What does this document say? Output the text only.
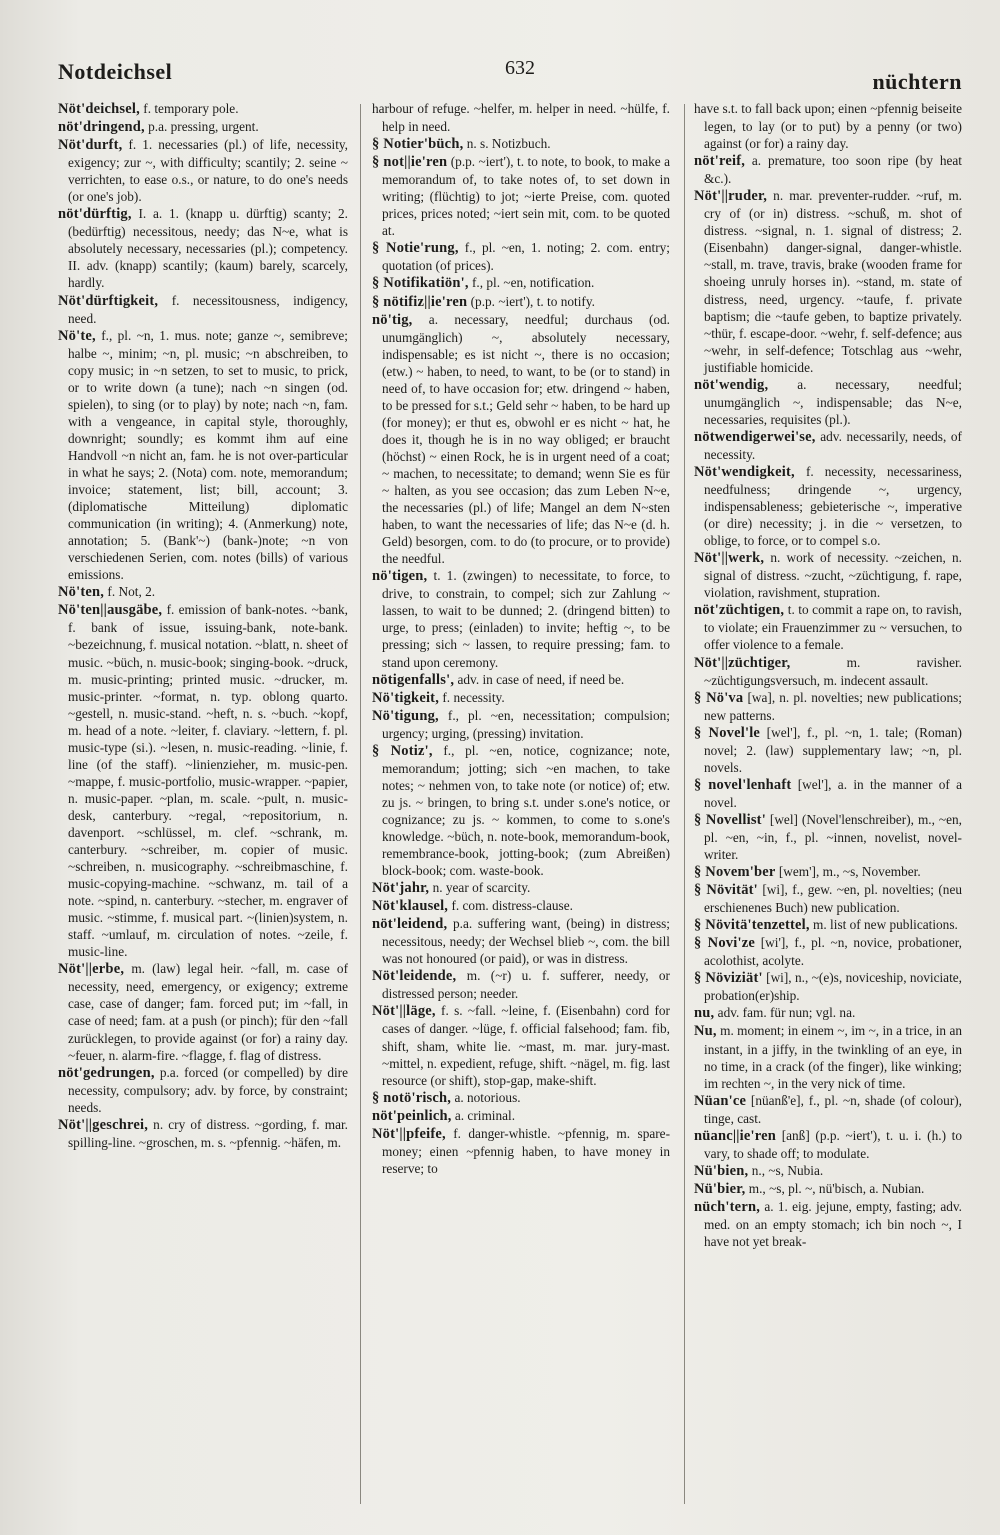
Notdeichsel	632
nüchtern

Nöt'deichsel, f. temporary pole.

nöt'dringend, p.a. pressing, urgent.

Nöt'durft, f. 1. necessaries (pl.) of life, necessity, exigency; zur ~, with difficulty; scantily; 2. seine ~ verrichten, to ease o.s., or nature, to do one's needs (or one's job).

nöt'dürftig, I. a. 1. (knapp u. dürftig) scanty; 2. (bedürftig) necessitous, needy; das N~e, what is absolutely necessary, necessaries (pl.); competency. II. adv. (knapp) scantily; (kaum) barely, scarcely, hardly.

Nöt'dürftigkeit, f. necessitousness, indigency, need.

Nö'te, f., pl. ~n, 1. mus. note; ganze ~, semibreve; halbe ~, minim; ~n, pl. music; ~n abschreiben, to copy music; in ~n setzen, to set to music, to prick, or to write down (a tune); nach ~n singen (od. spielen), to sing (or to play) by note; nach ~n, fam. with a vengeance, in capital style, thoroughly, downright; soundly; es kommt ihm auf eine Handvoll ~n nicht an, fam. he is not over-particular in what he says; 2. (Nota) com. note, memorandum; invoice; statement, list; bill, account; 3. (diplomatische Mitteilung) diplomatic communication (in writing); 4. (Anmerkung) note, annotation; 5. (Bank'~) (bank-)note; ~n von verschiedenen Serien, com. notes (bills) of various emissions.

Nö'ten, f. Not, 2.

Nö'ten||ausgäbe, f. emission of bank-notes. ~bank, f. bank of issue, issuing-bank, note-bank. ~bezeichnung, f. musical notation. ~blatt, n. sheet of music. ~büch, n. music-book; singing-book. ~druck, m. music-printing; printed music. ~drucker, m. music-printer. ~format, n. typ. oblong quarto. ~gestell, n. music-stand. ~heft, n. s. ~buch. ~kopf, m. head of a note. ~leiter, f. claviary. ~lettern, f. pl. music-type (si.). ~lesen, n. music-reading. ~linie, f. line (of the staff). ~linienzieher, m. music-pen. ~mappe, f. music-portfolio, music-wrapper. ~papier, n. music-paper. ~plan, m. scale. ~pult, n. music-desk, canterbury. ~regal, ~repositorium, n. davenport. ~schlüssel, m. clef. ~schrank, m. canterbury. ~schreiber, m. copier of music. ~schreiben, n. musicography. ~schreibmaschine, f. music-copying-machine. ~schwanz, m. tail of a note. ~spind, n. canterbury. ~stecher, m. engraver of music. ~stimme, f. musical part. ~(linien)system, n. staff. ~umlauf, m. circulation of notes. ~zeile, f. music-line.

Nöt'||erbe, m. (law) legal heir. ~fall, m. case of necessity, need, emergency, or exigency; extreme case, case of danger; fam. forced put; im ~fall, in case of need; fam. at a push (or pinch); für den ~fall zurücklegen, to provide against (or for) a rainy day. ~feuer, n. alarm-fire. ~flagge, f. flag of distress.

nöt'gedrungen, p.a. forced (or compelled) by dire necessity, compulsory; adv. by force, by constraint; needs.

Nöt'||geschrei, n. cry of distress. ~gording, f. mar. spilling-line. ~groschen, m. s. ~pfennig. ~häfen, m.

harbour of refuge. ~helfer, m. helper in need. ~hülfe, f. help in need.

§ Notier'büch, n. s. Notizbuch.

§ not||ie'ren (p.p. ~iert'), t. to note, to book, to make a memorandum of, to take notes of, to set down in writing; (flüchtig) to jot; ~ierte Preise, com. quoted prices, prices noted; ~iert sein mit, com. to be quoted at.

§ Notie'rung, f., pl. ~en, 1. noting; 2. com. entry; quotation (of prices).

§ Notifikatiön', f., pl. ~en, notification.

§ nötifiz||ie'ren (p.p. ~iert'), t. to notify.

nö'tig, a. necessary, needful; durchaus (od. unumgänglich) ~, absolutely necessary, indispensable; es ist nicht ~, there is no occasion; (etw.) ~ haben, to need, to want, to be (or to stand) in need of, to have occasion for; etw. dringend ~ haben, to be pressed for s.t.; Geld sehr ~ haben, to be hard up (for money); er thut es, obwohl er es nicht ~ hat, he does it, though he is in no way obliged; er braucht (höchst) ~ einen Rock, he is in urgent need of a coat; ~ machen, to necessitate; to demand; wenn Sie es für ~ halten, as you see occasion; das zum Leben N~e, the necessaries (pl.) of life; Mangel an dem N~sten haben, to want the necessaries of life; das N~e (d. h. Geld) besorgen, com. to do (to procure, or to provide) the needful.

nö'tigen, t. 1. (zwingen) to necessitate, to force, to drive, to constrain, to compel; sich zur Zahlung ~ lassen, to wait to be dunned; 2. (dringend bitten) to urge, to press; (einladen) to invite; heftig ~, to be pressing; sich ~ lassen, to require pressing; fam. to stand upon ceremony.

nötigenfalls', adv. in case of need, if need be.

Nö'tigkeit, f. necessity.

Nö'tigung, f., pl. ~en, necessitation; compulsion; urgency; urging, (pressing) invitation.

§ Notiz', f., pl. ~en, notice, cognizance; note, memorandum; jotting; sich ~en machen, to take notes; ~ nehmen von, to take note (or notice) of; etw. zu js. ~ bringen, to bring s.t. under s.one's notice, or cognizance; zu js. ~ kommen, to come to s.one's knowledge. ~büch, n. note-book, memorandum-book, remembrance-book, jotting-book; (zum Abreißen) block-book; com. waste-book.

Nöt'jahr, n. year of scarcity.

Nöt'klausel, f. com. distress-clause.

nöt'leidend, p.a. suffering want, (being) in distress; necessitous, needy; der Wechsel blieb ~, com. the bill was not honoured (or paid), or was in distress.

Nöt'leidende, m. (~r) u. f. sufferer, needy, or distressed person; needer.

Nöt'||läge, f. s. ~fall. ~leine, f. (Eisenbahn) cord for cases of danger. ~lüge, f. official falsehood; fam. fib, shift, sham, white lie. ~mast, m. mar. jury-mast. ~mittel, n. expedient, refuge, shift. ~nägel, m. fig. last resource (or shift), stop-gap, make-shift.

§ notö'risch, a. notorious.

nöt'peinlich, a. criminal.

Nöt'||pfeife, f. danger-whistle. ~pfennig, m. spare-money; einen ~pfennig haben, to have money in reserve; to

have s.t. to fall back upon; einen ~pfennig beiseite legen, to lay (or to put) by a penny (or two) against (or for) a rainy day.

nöt'reif, a. premature, too soon ripe (by heat &c.).

Nöt'||ruder, n. mar. preventer-rudder. ~ruf, m. cry of (or in) distress. ~schuß, m. shot of distress. ~signal, n. 1. signal of distress; 2. (Eisenbahn) danger-signal, danger-whistle. ~stall, m. trave, travis, brake (wooden frame for shoeing unruly horses in). ~stand, m. state of distress, need, urgency. ~taufe, f. private baptism; die ~taufe geben, to baptize privately. ~thür, f. escape-door. ~wehr, f. self-defence; aus ~wehr, in self-defence; Totschlag aus ~wehr, justifiable homicide.

nöt'wendig, a. necessary, needful; unumgänglich ~, indispensable; das N~e, necessaries, requisites (pl.).

nötwendigerwei'se, adv. necessarily, needs, of necessity.

Nöt'wendigkeit, f. necessity, necessariness, needfulness; dringende ~, urgency, indispensableness; gebieterische ~, imperative (or dire) necessity; j. in die ~ versetzen, to oblige, to force, or to compel s.o.

Nöt'||werk, n. work of necessity. ~zeichen, n. signal of distress. ~zucht, ~züchtigung, f. rape, violation, ravishment, stupration.

nöt'züchtigen, t. to commit a rape on, to ravish, to violate; ein Frauenzimmer zu ~ versuchen, to offer violence to a female.

Nöt'||züchtiger, m. ravisher. ~züchtigungsversuch, m. indecent assault.

§ Nö'va [wa], n. pl. novelties; new publications; new patterns.

§ Novel'le [wel'], f., pl. ~n, 1. tale; (Roman) novel; 2. (law) supplementary law; ~n, pl. novels.

§ novel'lenhaft [wel'], a. in the manner of a novel.

§ Novellist' [wel] (Novel'lenschreiber), m., ~en, pl. ~en, ~in, f., pl. ~innen, novelist, novel-writer.

§ Novem'ber [wem'], m., ~s, November.

§ Növität' [wi], f., gew. ~en, pl. novelties; (neu erschienenes Buch) new publication.

§ Növitä'tenzettel, m. list of new publications.

§ Novi'ze [wi'], f., pl. ~n, novice, probationer, acolothist, acolyte.

§ Növiziät' [wi], n., ~(e)s, noviceship, noviciate, probation(er)ship.

nu, adv. fam. für nun; vgl. na.

Nu, m. moment; in einem ~, im ~, in a trice, in an instant, in a jiffy, in the twinkling of an eye, in no time, in a crack (of the finger), like winking; im rechten ~, in the very nick of time.

Nüan'ce [nüanß'e], f., pl. ~n, shade (of colour), tinge, cast.

nüanc||ie'ren [anß] (p.p. ~iert'), t. u. i. (h.) to vary, to shade off; to modulate.

Nü'bien, n., ~s, Nubia.

Nü'bier, m., ~s, pl. ~, nü'bisch, a. Nubian.

nüch'tern, a. 1. eig. jejune, empty, fasting; adv. med. on an empty stomach; ich bin noch ~, I have not yet break-
